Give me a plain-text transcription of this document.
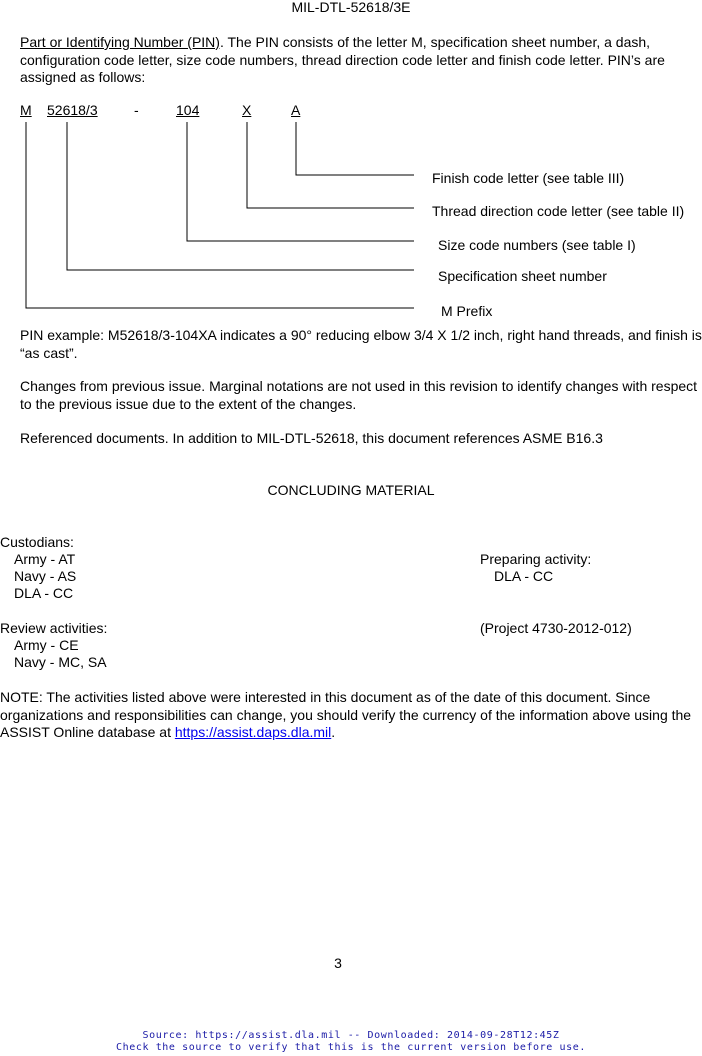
MIL-DTL-52618/3E
Part or Identifying Number (PIN). The PIN consists of the letter M, specification sheet number, a dash, configuration code letter, size code numbers, thread direction code letter and finish code letter. PIN’s are assigned as follows:
M 52618/3	-	104	X	A
Finish code letter (see table III)
Thread direction code letter (see table II)
Size code numbers (see table I)
Specification sheet number
M Prefix
PIN example: M52618/3-104XA indicates a 90° reducing elbow 3/4 X 1/2 inch, right hand threads, and finish is “as cast”.
Changes from previous issue. Marginal notations are not used in this revision to identify changes with respect to the previous issue due to the extent of the changes.
Referenced documents. In addition to MIL-DTL-52618, this document references ASME B16.3
CONCLUDING MATERIAL
Custodians:
Army - AT
Navy - AS
DLA - CC
Preparing activity:
DLA - CC
Review activities:
Army - CE
Navy - MC, SA
(Project 4730-2012-012)
NOTE: The activities listed above were interested in this document as of the date of this document. Since organizations and responsibilities can change, you should verify the currency of the information above using the ASSIST Online database at https://assist.daps.dla.mil.
3
Source: https://assist.dla.mil -- Downloaded: 2014-09-28T12:45Z
Check the source to verify that this is the current version before use.
